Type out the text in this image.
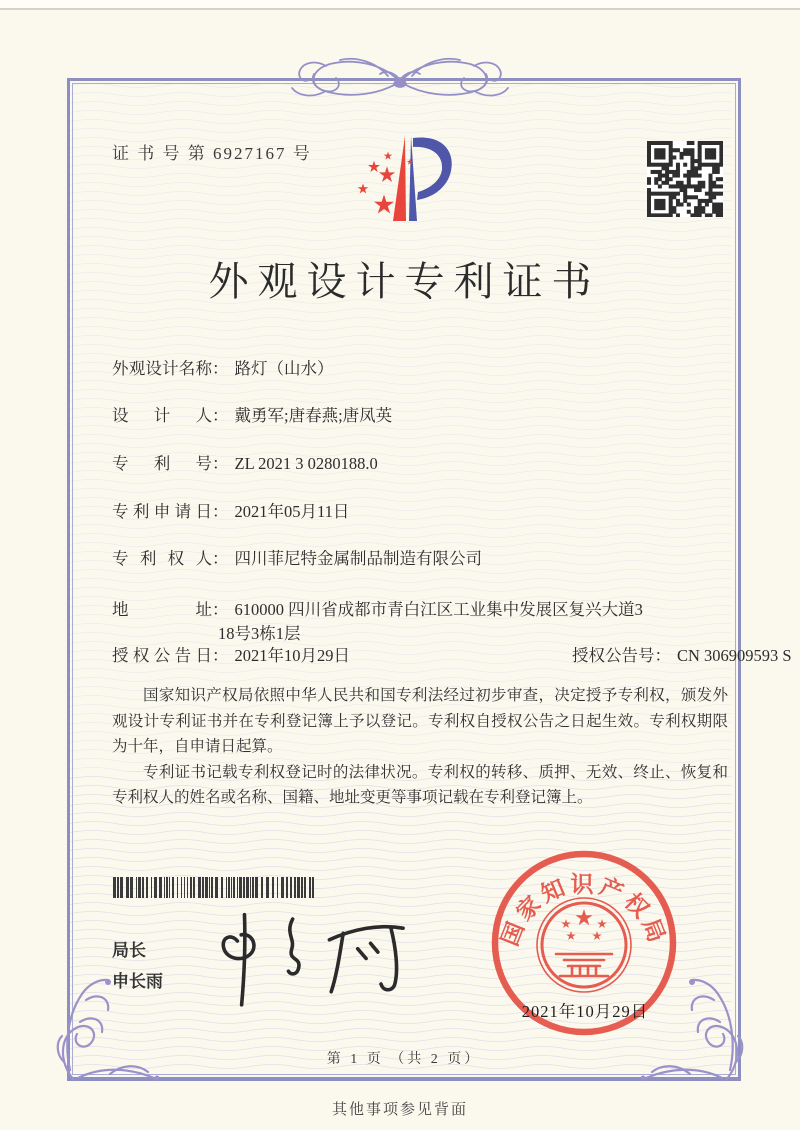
证 书 号 第 6927167 号
外观设计专利证书
外观设计名称： 路灯（山水）
设计人： 戴勇军;唐春燕;唐凤英
专利号： ZL 2021 3 0280188.0
专利申请日： 2021年05月11日
专利权人： 四川菲尼特金属制品制造有限公司
地址： 610000 四川省成都市青白江区工业集中发展区复兴大道3
18号3栋1层
授权公告日： 2021年10月29日	授权公告号： CN 306909593 S

国家知识产权局依照中华人民共和国专利法经过初步审查，决定授予专利权，颁发外观设计专利证书并在专利登记簿上予以登记。专利权自授权公告之日起生效。专利权期限为十年，自申请日起算。

专利证书记载专利权登记时的法律状况。专利权的转移、质押、无效、终止、恢复和专利权人的姓名或名称、国籍、地址变更等事项记载在专利登记簿上。

局长
申长雨
国家知识产权局
2021年10月29日
第 1 页 （共 2 页）
其他事项参见背面
